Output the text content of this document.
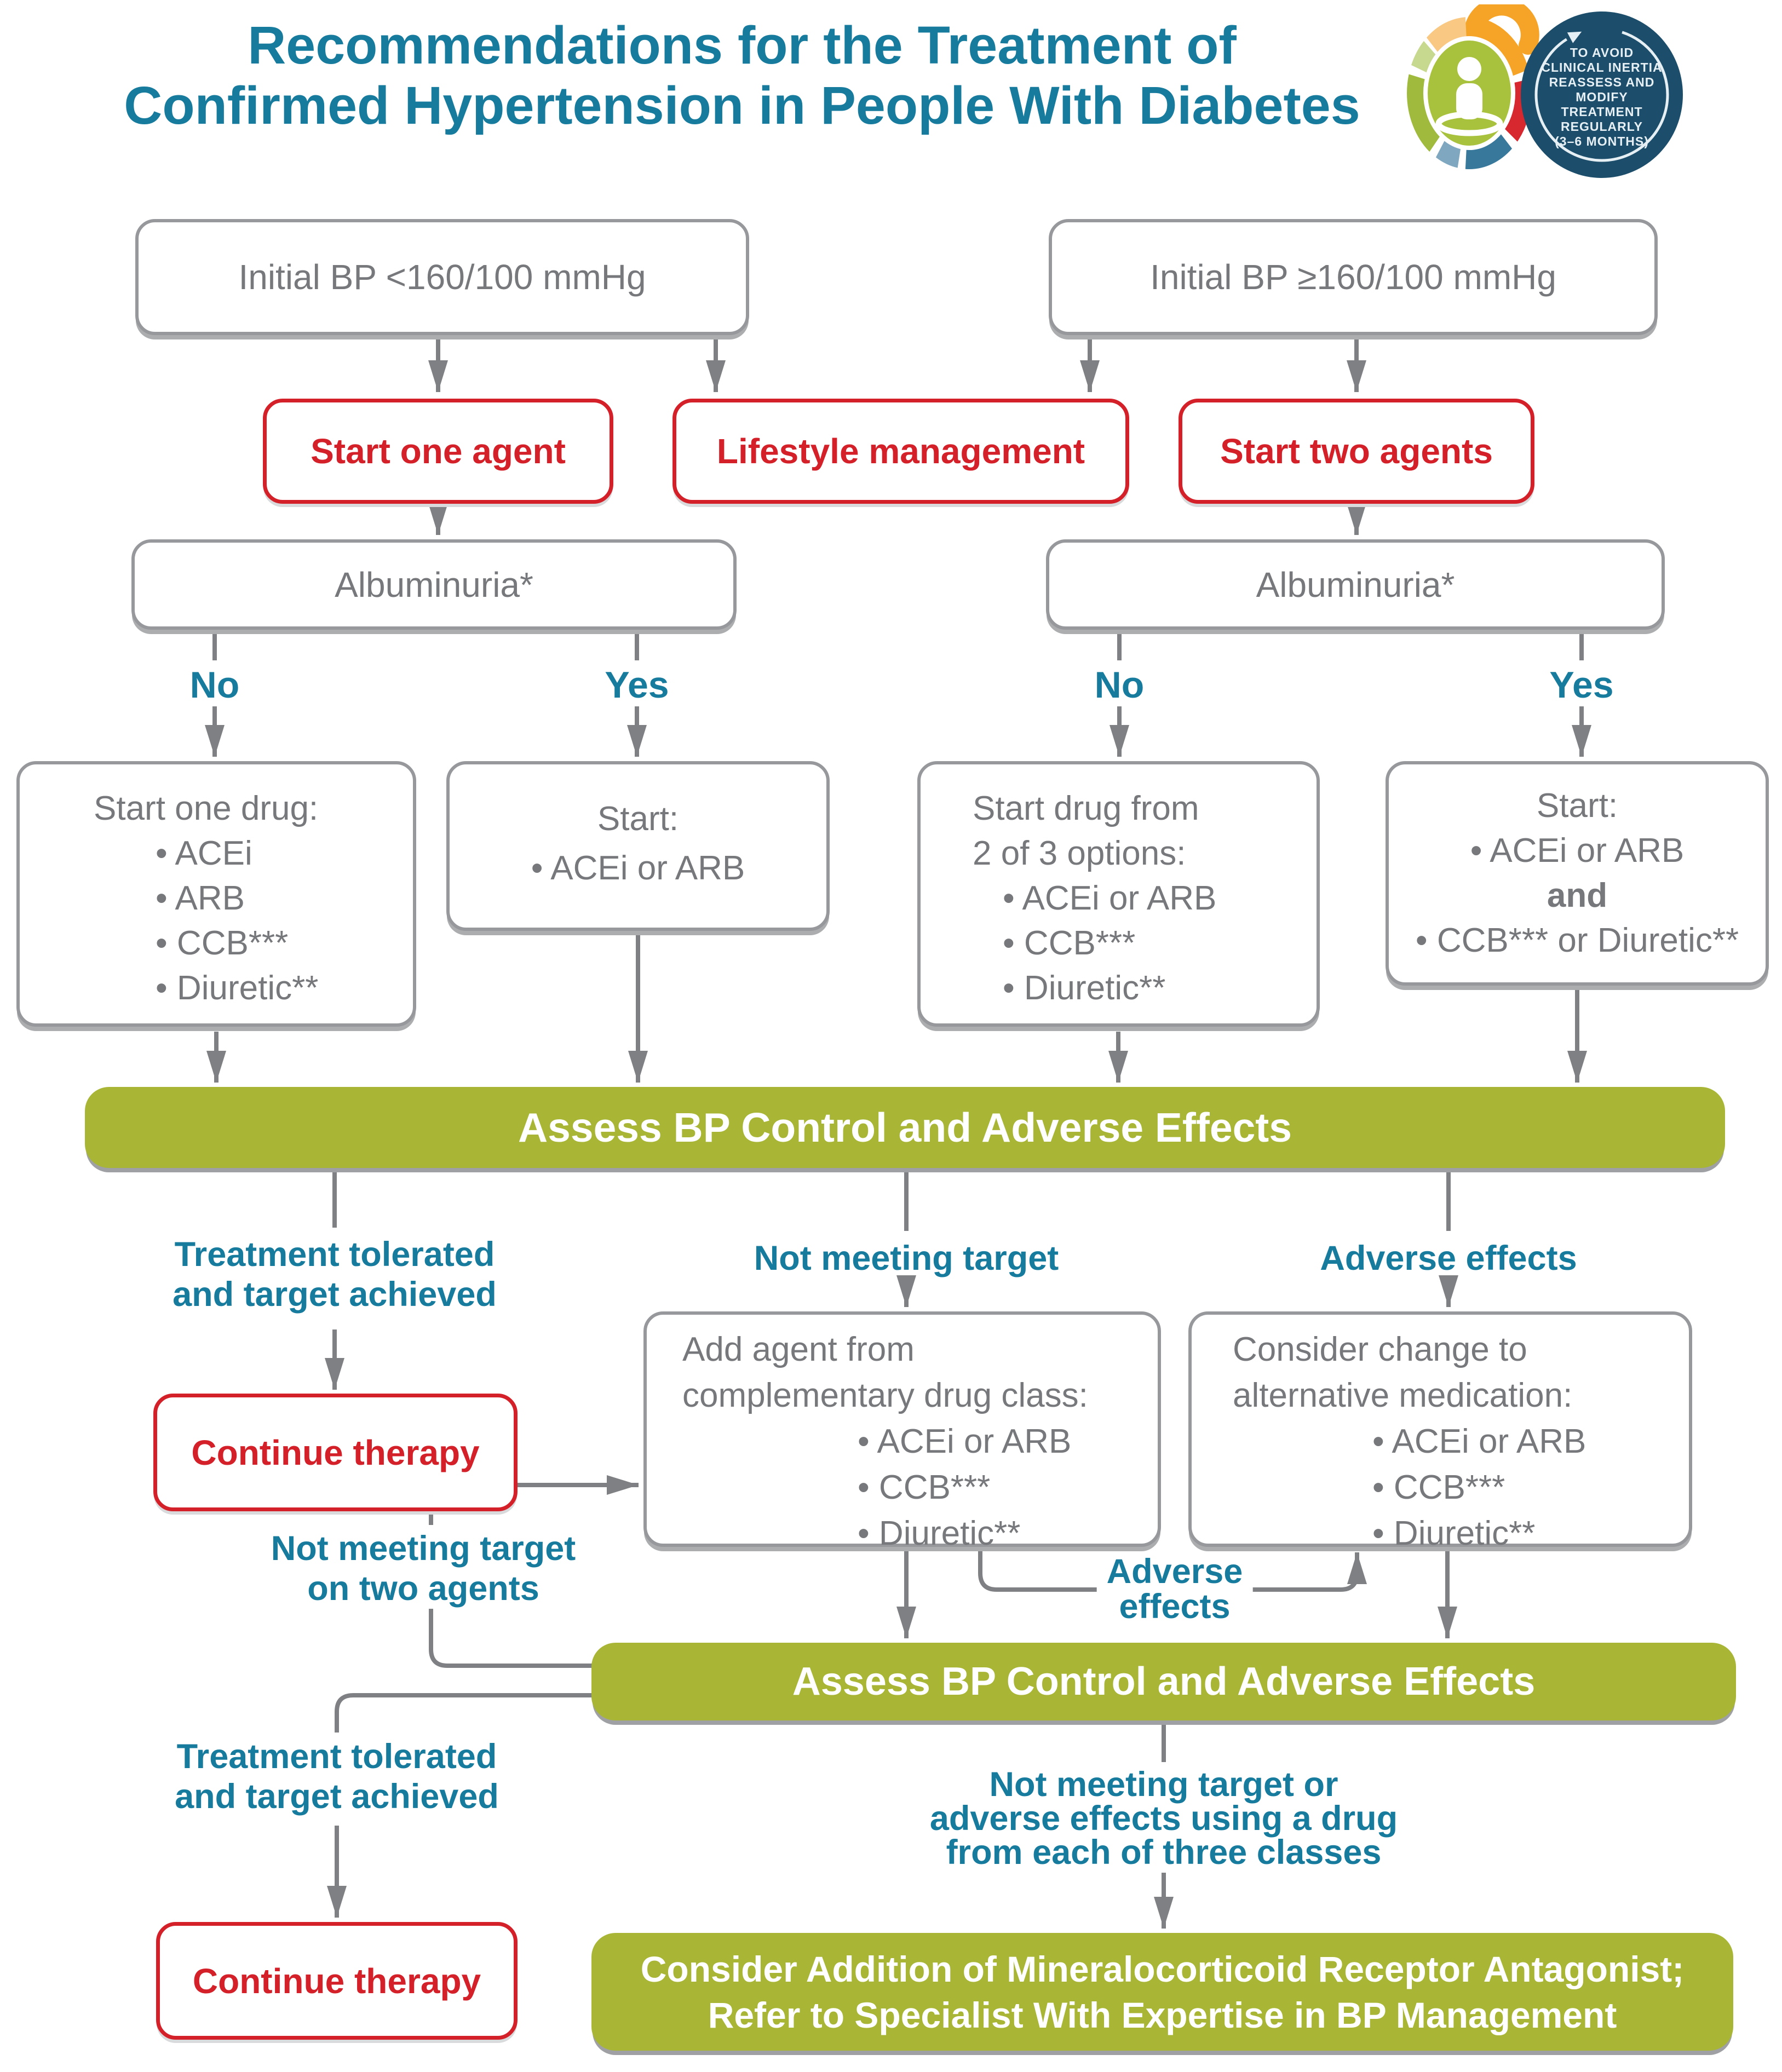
Recommendations for the Treatment of
Confirmed Hypertension in People With Diabetes
TO AVOID
CLINICAL INERTIA
REASSESS AND
MODIFY
TREATMENT
REGULARLY
(3–6 MONTHS)
Initial BP <160/100 mmHg	Initial BP ≥160/100 mmHg
Start one agent	Lifestyle management	Start two agents
Albuminuria*	Albuminuria*
No	Yes	No	Yes
Start one drug:
• ACEi
• ARB
• CCB***
• Diuretic**
Start:
• ACEi or ARB
Start drug from
2 of 3 options:
• ACEi or ARB
• CCB***
• Diuretic**
Start:
• ACEi or ARB
and
• CCB*** or Diuretic**
Assess BP Control and Adverse Effects
Treatment tolerated
and target achieved
Not meeting target	Adverse effects
Continue therapy
Add agent from
complementary drug class:
• ACEi or ARB
• CCB***
• Diuretic**
Consider change to
alternative medication:
• ACEi or ARB
• CCB***
• Diuretic**
Not meeting target
on two agents	Adverse
effects
Assess BP Control and Adverse Effects
Treatment tolerated
and target achieved	Not meeting target or
adverse effects using a drug
from each of three classes
Continue therapy	Consider Addition of Mineralocorticoid Receptor Antagonist;
Refer to Specialist With Expertise in BP Management
